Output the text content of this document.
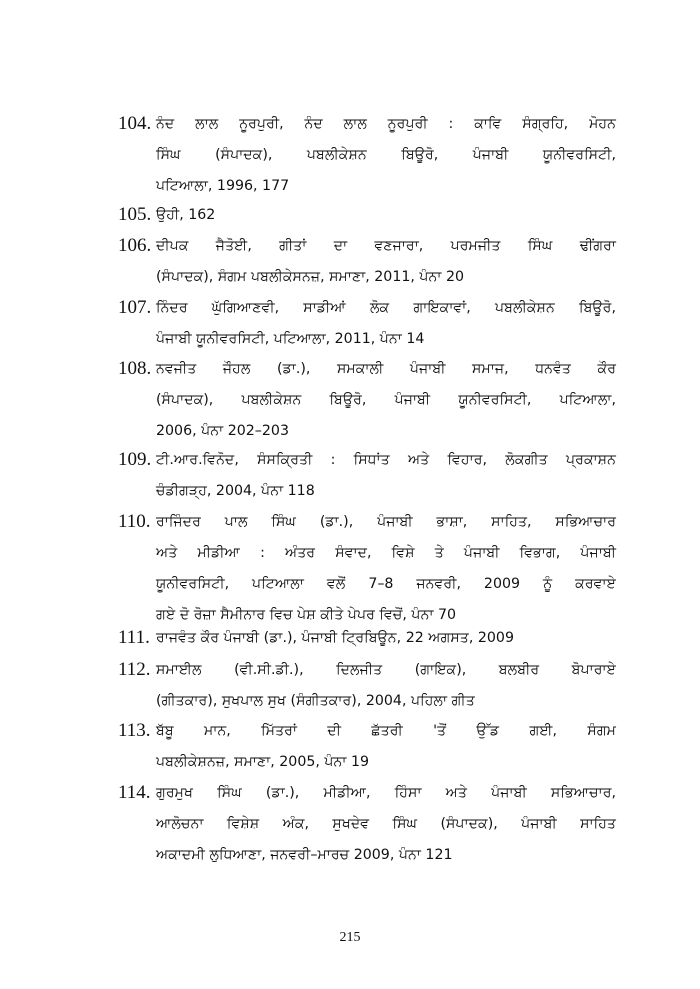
104. ਨੰਦ ਲਾਲ ਨੂਰਪੁਰੀ, ਨੰਦ ਲਾਲ ਨੂਰਪੁਰੀ : ਕਾਵਿ ਸੰਗ੍ਰਹਿ, ਮੋਹਨ
ਸਿੰਘ (ਸੰਪਾਦਕ), ਪਬਲੀਕੇਸ਼ਨ ਬਿਊਰੋ, ਪੰਜਾਬੀ ਯੂਨੀਵਰਸਿਟੀ,
ਪਟਿਆਲਾ, 1996, 177
105. ਉਹੀ, 162
106. ਦੀਪਕ ਜੈਤੋਈ, ਗੀਤਾਂ ਦਾ ਵਣਜਾਰਾ, ਪਰਮਜੀਤ ਸਿੰਘ ਢੀਂਗਰਾ
(ਸੰਪਾਦਕ), ਸੰਗਮ ਪਬਲੀਕੇਸਨਜ਼, ਸਮਾਣਾ, 2011, ਪੰਨਾ 20
107. ਨਿੰਦਰ ਘੁੱਗਿਆਣਵੀ, ਸਾਡੀਆਂ ਲੋਕ ਗਾਇਕਾਵਾਂ, ਪਬਲੀਕੇਸ਼ਨ ਬਿਊਰੋ,
ਪੰਜਾਬੀ ਯੂਨੀਵਰਸਿਟੀ, ਪਟਿਆਲਾ, 2011, ਪੰਨਾ 14
108. ਨਵਜੀਤ ਜੌਹਲ (ਡਾ.), ਸਮਕਾਲੀ ਪੰਜਾਬੀ ਸਮਾਜ, ਧਨਵੰਤ ਕੌਰ
(ਸੰਪਾਦਕ), ਪਬਲੀਕੇਸ਼ਨ ਬਿਊਰੋ, ਪੰਜਾਬੀ ਯੂਨੀਵਰਸਿਟੀ, ਪਟਿਆਲਾ,
2006, ਪੰਨਾ 202–203
109. ਟੀ.ਆਰ.ਵਿਨੋਦ, ਸੰਸਕ੍ਰਿਤੀ : ਸਿਧਾਂਤ ਅਤੇ ਵਿਹਾਰ, ਲੋਕਗੀਤ ਪ੍ਰਕਾਸ਼ਨ
ਚੰਡੀਗੜ੍ਹ, 2004, ਪੰਨਾ 118
110. ਰਾਜਿੰਦਰ ਪਾਲ ਸਿੰਘ (ਡਾ.), ਪੰਜਾਬੀ ਭਾਸ਼ਾ, ਸਾਹਿਤ, ਸਭਿਆਚਾਰ
ਅਤੇ ਮੀਡੀਆ : ਅੰਤਰ ਸੰਵਾਦ, ਵਿਸ਼ੇ ਤੇ ਪੰਜਾਬੀ ਵਿਭਾਗ, ਪੰਜਾਬੀ
ਯੂਨੀਵਰਸਿਟੀ, ਪਟਿਆਲਾ ਵਲੋਂ 7–8 ਜਨਵਰੀ, 2009 ਨੂੰ ਕਰਵਾਏ
ਗਏ ਦੋ ਰੋਜ਼ਾ ਸੈਮੀਨਾਰ ਵਿਚ ਪੇਸ਼ ਕੀਤੇ ਪੇਪਰ ਵਿਚੋਂ, ਪੰਨਾ 70
111. ਰਾਜਵੰਤ ਕੌਰ ਪੰਜਾਬੀ (ਡਾ.), ਪੰਜਾਬੀ ਟ੍ਰਿਬਿਊਨ, 22 ਅਗਸਤ, 2009
112. ਸਮਾਈਲ (ਵੀ.ਸੀ.ਡੀ.), ਦਿਲਜੀਤ (ਗਾਇਕ), ਬਲਬੀਰ ਬੋਪਾਰਾਏ
(ਗੀਤਕਾਰ), ਸੁਖਪਾਲ ਸੁਖ (ਸੰਗੀਤਕਾਰ), 2004, ਪਹਿਲਾ ਗੀਤ
113. ਬੱਬੂ ਮਾਨ, ਮਿੱਤਰਾਂ ਦੀ ਛੱਤਰੀ 'ਤੋਂ ਉੱਡ ਗਈ, ਸੰਗਮ
ਪਬਲੀਕੇਸ਼ਨਜ਼, ਸਮਾਣਾ, 2005, ਪੰਨਾ 19
114. ਗੁਰਮੁਖ ਸਿੰਘ (ਡਾ.), ਮੀਡੀਆ, ਹਿੰਸਾ ਅਤੇ ਪੰਜਾਬੀ ਸਭਿਆਚਾਰ,
ਆਲੋਚਨਾ ਵਿਸ਼ੇਸ਼ ਅੰਕ, ਸੁਖਦੇਵ ਸਿੰਘ (ਸੰਪਾਦਕ), ਪੰਜਾਬੀ ਸਾਹਿਤ
ਅਕਾਦਮੀ ਲੁਧਿਆਣਾ, ਜਨਵਰੀ–ਮਾਰਚ 2009, ਪੰਨਾ 121
215
